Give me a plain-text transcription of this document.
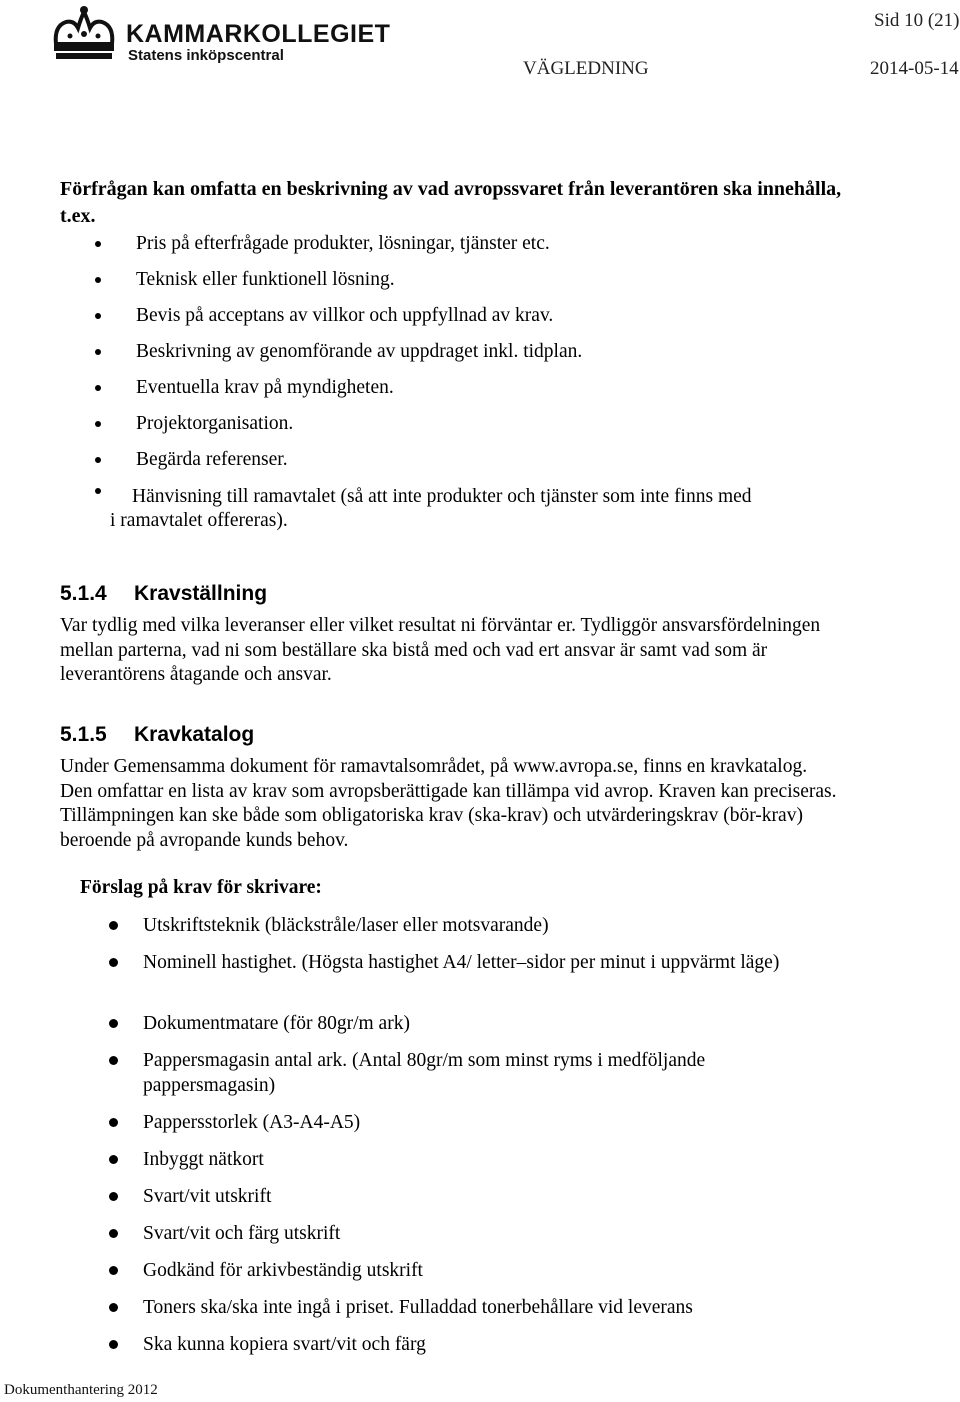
KAMMARKOLLEGIET
Statens inköpscentral
Sid 10 (21)
VÄGLEDNING	2014-05-14
Förfrågan kan omfatta en beskrivning av vad avropssvaret från leverantören ska innehålla, t.ex.
Pris på efterfrågade produkter, lösningar, tjänster etc.
Teknisk eller funktionell lösning.
Bevis på acceptans av villkor och uppfyllnad av krav.
Beskrivning av genomförande av uppdraget inkl. tidplan.
Eventuella krav på myndigheten.
Projektorganisation.
Begärda referenser.
Hänvisning till ramavtalet (så att inte produkter och tjänster som inte finns med
i ramavtalet offereras).
5.1.4 Kravställning

Var tydlig med vilka leveranser eller vilket resultat ni förväntar er. Tydliggör ansvarsfördelningen mellan parterna, vad ni som beställare ska bistå med och vad ert ansvar är samt vad som är leverantörens åtagande och ansvar.

5.1.5 Kravkatalog

Under Gemensamma dokument för ramavtalsområdet, på www.avropa.se, finns en kravkatalog. Den omfattar en lista av krav som avropsberättigade kan tillämpa vid avrop. Kraven kan preciseras. Tillämpningen kan ske både som obligatoriska krav (ska-krav) och utvärderingskrav (bör-krav) beroende på avropande kunds behov.

Förslag på krav för skrivare:
Utskriftsteknik (bläckstråle/laser eller motsvarande)
Nominell hastighet. (Högsta hastighet A4/ letter–sidor per minut i uppvärmt läge)
Dokumentmatare (för 80gr/m ark)
Pappersmagasin antal ark. (Antal 80gr/m som minst ryms i medföljande pappersmagasin)
Pappersstorlek (A3-A4-A5)
Inbyggt nätkort
Svart/vit utskrift
Svart/vit och färg utskrift
Godkänd för arkivbeständig utskrift
Toners ska/ska inte ingå i priset. Fulladdad tonerbehållare vid leverans
Ska kunna kopiera svart/vit och färg
Dokumenthantering 2012
